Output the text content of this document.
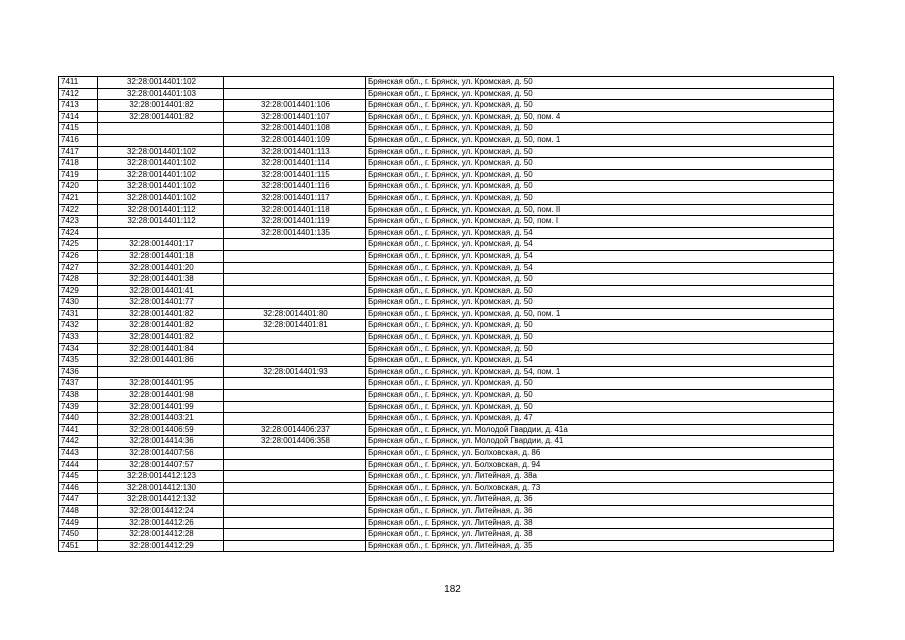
7411	32:28:0014401:102		Брянская обл., г. Брянск, ул. Кромская, д. 50
7412	32:28:0014401:103		Брянская обл., г. Брянск, ул. Кромская, д. 50
7413	32:28:0014401:82	32:28:0014401:106	Брянская обл., г. Брянск, ул. Кромская, д. 50
7414	32:28:0014401:82	32:28:0014401:107	Брянская обл., г. Брянск, ул. Кромская, д. 50, пом. 4
7415		32:28:0014401:108	Брянская обл., г. Брянск, ул. Кромская, д. 50
7416		32:28:0014401:109	Брянская обл., г. Брянск, ул. Кромская, д. 50, пом. 1
7417	32:28:0014401:102	32:28:0014401:113	Брянская обл., г. Брянск, ул. Кромская, д. 50
7418	32:28:0014401:102	32:28:0014401:114	Брянская обл., г. Брянск, ул. Кромская, д. 50
7419	32:28:0014401:102	32:28:0014401:115	Брянская обл., г. Брянск, ул. Кромская, д. 50
7420	32:28:0014401:102	32:28:0014401:116	Брянская обл., г. Брянск, ул. Кромская, д. 50
7421	32:28:0014401:102	32:28:0014401:117	Брянская обл., г. Брянск, ул. Кромская, д. 50
7422	32:28:0014401:112	32:28:0014401:118	Брянская обл., г. Брянск, ул. Кромская, д. 50, пом. II
7423	32:28:0014401:112	32:28:0014401:119	Брянская обл., г. Брянск, ул. Кромская, д. 50, пом. I
7424		32:28:0014401:135	Брянская обл., г. Брянск, ул. Кромская, д. 54
7425	32:28:0014401:17		Брянская обл., г. Брянск, ул. Кромская, д. 54
7426	32:28:0014401:18		Брянская обл., г. Брянск, ул. Кромская, д. 54
7427	32:28:0014401:20		Брянская обл., г. Брянск, ул. Кромская, д. 54
7428	32:28:0014401:38		Брянская обл., г. Брянск, ул. Кромская, д. 50
7429	32:28:0014401:41		Брянская обл., г. Брянск, ул. Кромская, д. 50
7430	32:28:0014401:77		Брянская обл., г. Брянск, ул. Кромская, д. 50
7431	32:28:0014401:82	32:28:0014401:80	Брянская обл., г. Брянск, ул. Кромская, д. 50, пом. 1
7432	32:28:0014401:82	32:28:0014401:81	Брянская обл., г. Брянск, ул. Кромская, д. 50
7433	32:28:0014401:82		Брянская обл., г. Брянск, ул. Кромская, д. 50
7434	32:28:0014401:84		Брянская обл., г. Брянск, ул. Кромская, д. 50
7435	32:28:0014401:86		Брянская обл., г. Брянск, ул. Кромская, д. 54
7436		32:28:0014401:93	Брянская обл., г. Брянск, ул. Кромская, д. 54, пом. 1
7437	32:28:0014401:95		Брянская обл., г. Брянск, ул. Кромская, д. 50
7438	32:28:0014401:98		Брянская обл., г. Брянск, ул. Кромская, д. 50
7439	32:28:0014401:99		Брянская обл., г. Брянск, ул. Кромская, д. 50
7440	32:28:0014403:21		Брянская обл., г. Брянск, ул. Кромская, д. 47
7441	32:28:0014406:59	32:28:0014406:237	Брянская обл., г. Брянск, ул. Молодой Гвардии, д. 41а
7442	32:28:0014414:36	32:28:0014406:358	Брянская обл., г. Брянск, ул. Молодой Гвардии, д. 41
7443	32:28:0014407:56		Брянская обл., г. Брянск, ул. Болховская, д. 86
7444	32:28:0014407:57		Брянская обл., г. Брянск, ул. Болховская, д. 94
7445	32:28:0014412:123		Брянская обл., г. Брянск, ул. Литейная, д. 38а
7446	32:28:0014412:130		Брянская обл., г. Брянск, ул. Болховская, д. 73
7447	32:28:0014412:132		Брянская обл., г. Брянск, ул. Литейная, д. 36
7448	32:28:0014412:24		Брянская обл., г. Брянск, ул. Литейная, д. 36
7449	32:28:0014412:26		Брянская обл., г. Брянск, ул. Литейная, д. 38
7450	32:28:0014412:28		Брянская обл., г. Брянск, ул. Литейная, д. 38
7451	32:28:0014412:29		Брянская обл., г. Брянск, ул. Литейная, д. 35
182
